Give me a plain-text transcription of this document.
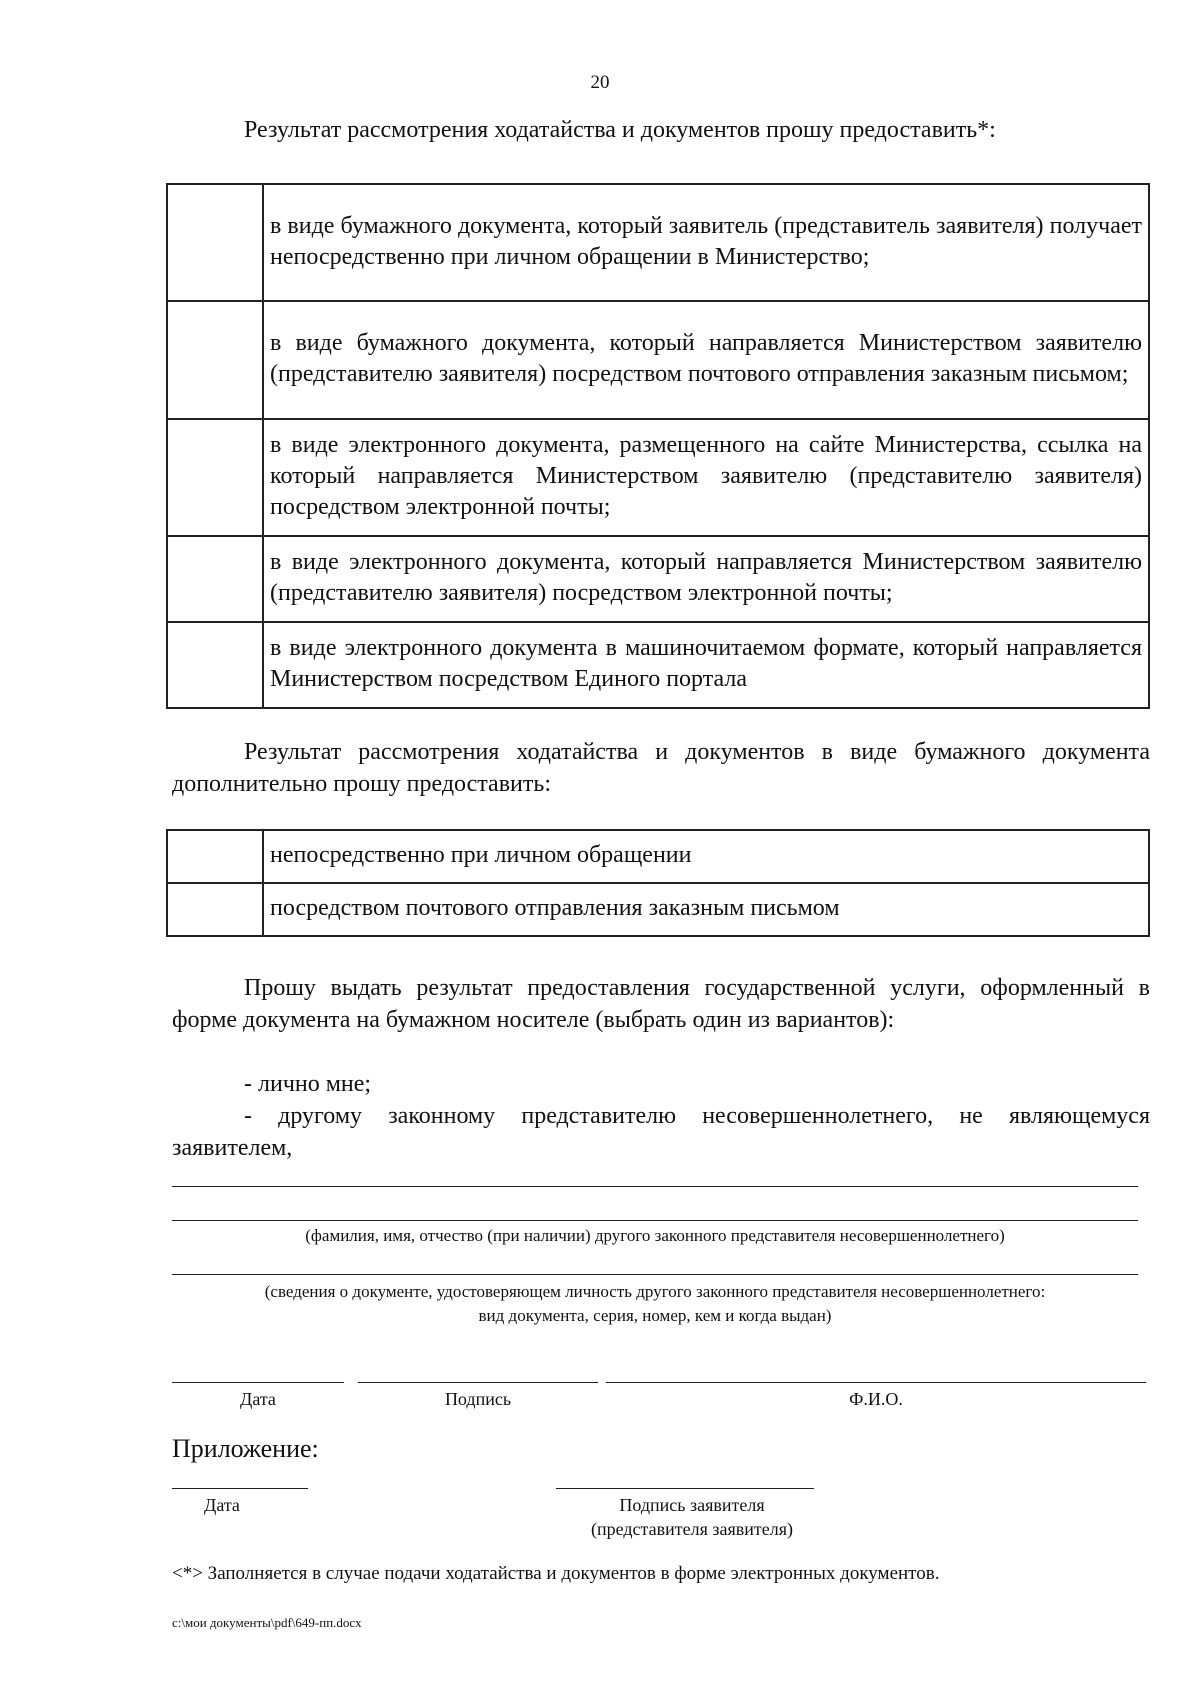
20
Результат рассмотрения ходатайства и документов прошу предоставить*:
	в виде бумажного документа, который заявитель (представитель заявителя) получает непосредственно при личном обращении в Министерство;
	в виде бумажного документа, который направляется Министерством заявителю (представителю заявителя) посредством почтового отправления заказным письмом;
	в виде электронного документа, размещенного на сайте Министерства, ссылка на который направляется Министерством заявителю (представителю заявителя) посредством электронной почты;
	в виде электронного документа, который направляется Министерством заявителю (представителю заявителя) посредством электронной почты;
	в виде электронного документа в машиночитаемом формате, который направляется Министерством посредством Единого портала
Результат рассмотрения ходатайства и документов в виде бумажного документа дополнительно прошу предоставить:
	непосредственно при личном обращении
	посредством почтового отправления заказным письмом
Прошу выдать результат предоставления государственной услуги, оформленный в форме документа на бумажном носителе (выбрать один из вариантов):
- лично мне;
- другому законному представителю несовершеннолетнего, не являющемуся заявителем,
(фамилия, имя, отчество (при наличии) другого законного представителя несовершеннолетнего)
(сведения о документе, удостоверяющем личность другого законного представителя несовершеннолетнего:
вид документа, серия, номер, кем и когда выдан)
Дата	Подпись	Ф.И.О.
Приложение:
Дата	Подпись заявителя
(представителя заявителя)
<*> Заполняется в случае подачи ходатайства и документов в форме электронных документов.
с:\мои документы\pdf\649-пп.docx
